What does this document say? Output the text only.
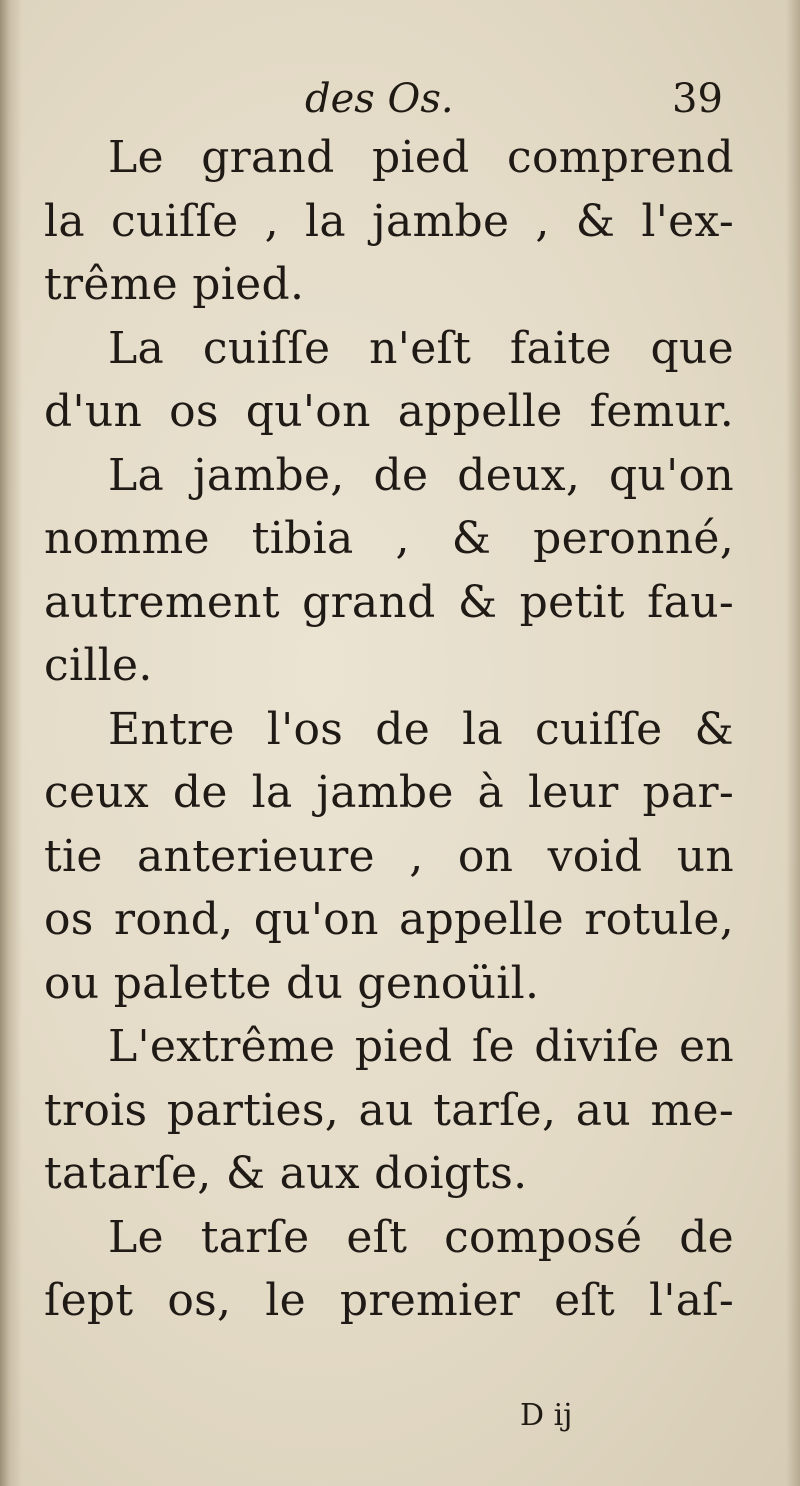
des Os.	39
Le grand pied comprend
la cuiſſe , la jambe , & l'ex-
trême pied.
La cuiſſe n'eſt faite que
d'un os qu'on appelle femur.
La jambe, de deux, qu'on
nomme tibia , & peronné,
autrement grand & petit fau-
cille.
Entre l'os de la cuiſſe &
ceux de la jambe à leur par-
tie anterieure , on void un
os rond, qu'on appelle rotule,
ou palette du genoüil.
L'extrême pied ſe diviſe en
trois parties, au tarſe, au me-
tatarſe, & aux doigts.
Le tarſe eſt composé de
ſept os, le premier eſt l'aſ-
D ij
